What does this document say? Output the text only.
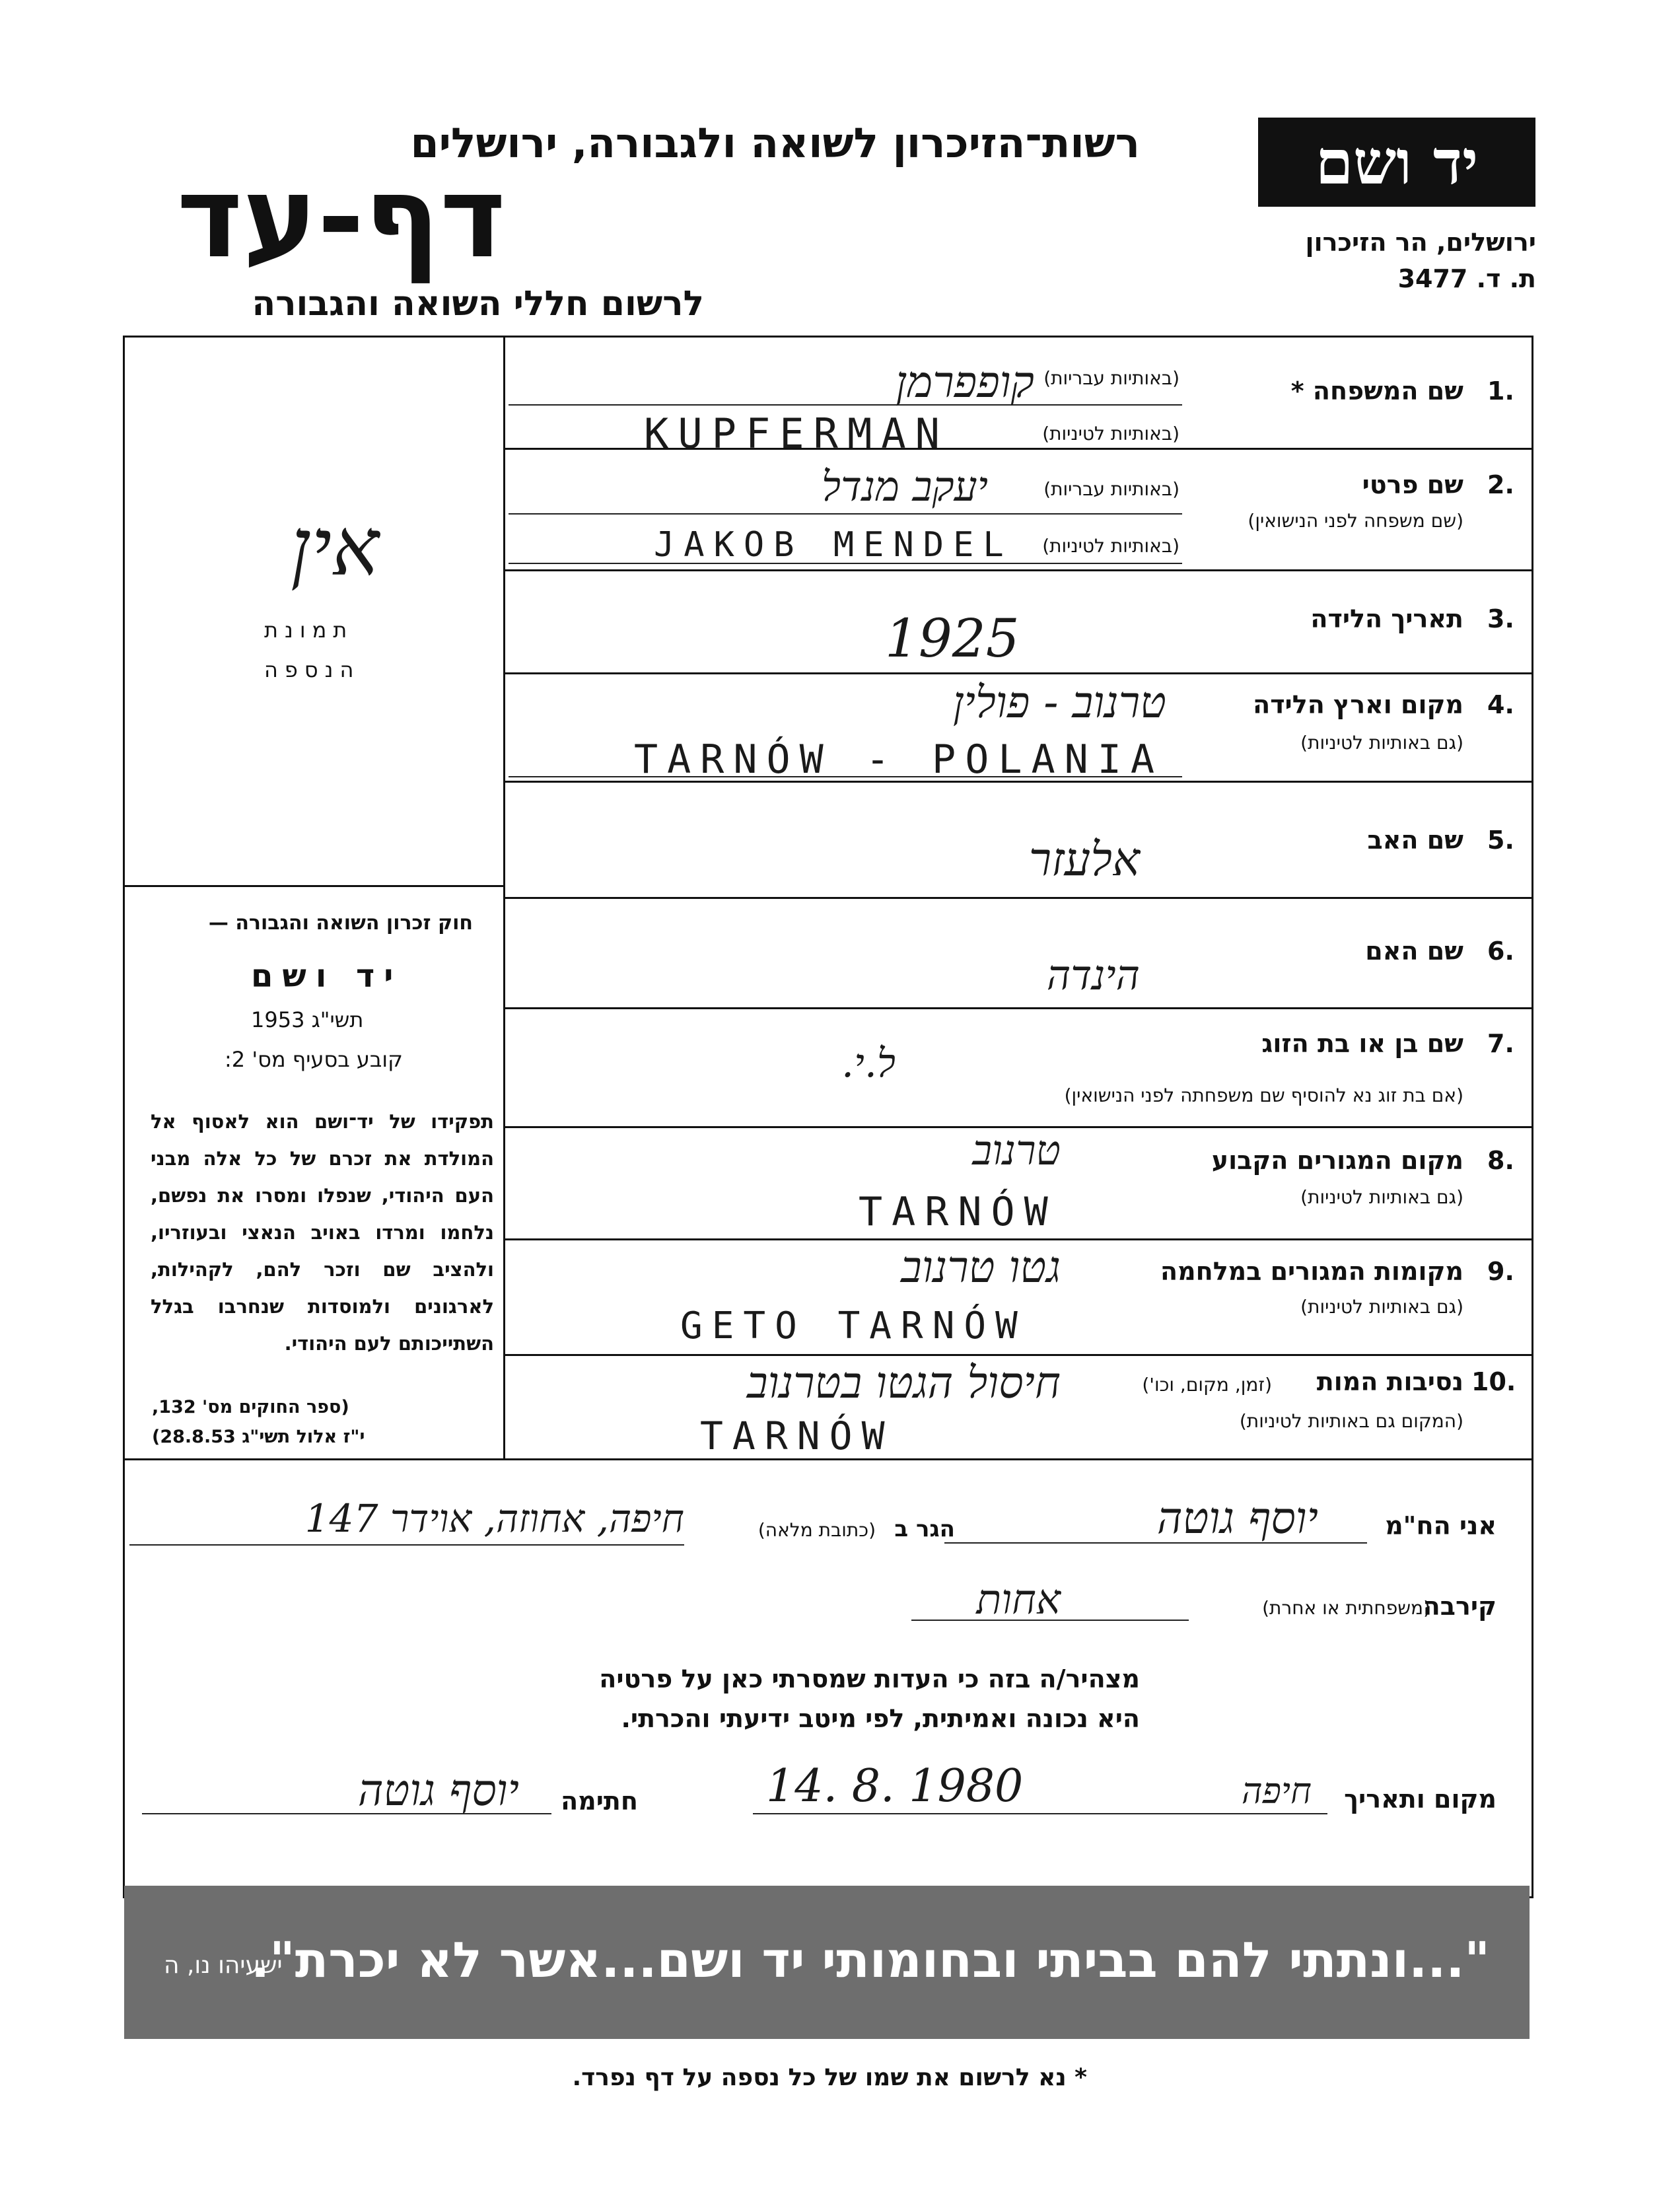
רשות־הזיכרון לשואה ולגבורה, ירושלים
דף-עד
לרשום חללי השואה והגבורה
יד ושם
ירושלים, הר הזיכרון
ת. ד. 3477
אין
תמונת
הנספה
חוק זכרון השואה והגבורה —
יד ושם
תשי"ג 1953
קובע בסעיף מס' 2:
תפקידו של יד־ושם הוא לאסוף אל המולדת את זכרם של כל אלה מבני העם היהודי, שנפלו ומסרו את נפשם, נלחמו ומרדו באויב הנאצי ובעוזריו, ולהציב שם וזכר להם, לקהילות, לארגונים ולמוסדות שנחרבו בגלל השתייכותם לעם היהודי.
(ספר החוקים מס' 132,
י"ז אלול תשי"ג 28.8.53)
1.
שם המשפחה *
(באותיות עבריות)
(באותיות לטיניות)
קופפרמן
KUPFERMAN
2.
שם פרטי
(שם משפחה לפני הנישואין)
(באותיות עבריות)
(באותיות לטיניות)
יעקב מנדל
JAKOB MENDEL
3.
תאריך הלידה
1925
4.
מקום וארץ הלידה
(גם באותיות לטיניות)
טרנוב - פולין
TARNÓW - POLANIA
5.
שם האב
אלעזר
6.
שם האם
הינדה
7.
שם בן או בת הזוג
(אם בת זוג נא להוסיף שם משפחתה לפני הנישואין)
ל.י.
8.
מקום המגורים הקבוע
(גם באותיות לטיניות)
טרנוב
TARNÓW
9.
מקומות המגורים במלחמה
(גם באותיות לטיניות)
גטו טרנוב
GETO TARNÓW
10.
נסיבות המות
(זמן, מקום, וכו')
(המקום גם באותיות לטיניות)
חיסול הגטו בטרנוב
TARNÓW
אני הח"מ
יוסף גוטה
הגר ב
(כתובת מלאה)
חיפה, אחוזה, אוידר 147
קירבה
(משפחתית או אחרת)
אחות
מצהיר/ה בזה כי העדות שמסרתי כאן על פרטיה
היא נכונה ואמיתית, לפי מיטב ידיעתי והכרתי.
מקום ותאריך
חיפה
14. 8. 1980
חתימה
יוסף גוטה
"...ונתתי להם בביתי ובחומותי יד ושם...אשר לא יכרת".
ישעיהו נו, ה
* נא לרשום את שמו של כל נספה על דף נפרד.
